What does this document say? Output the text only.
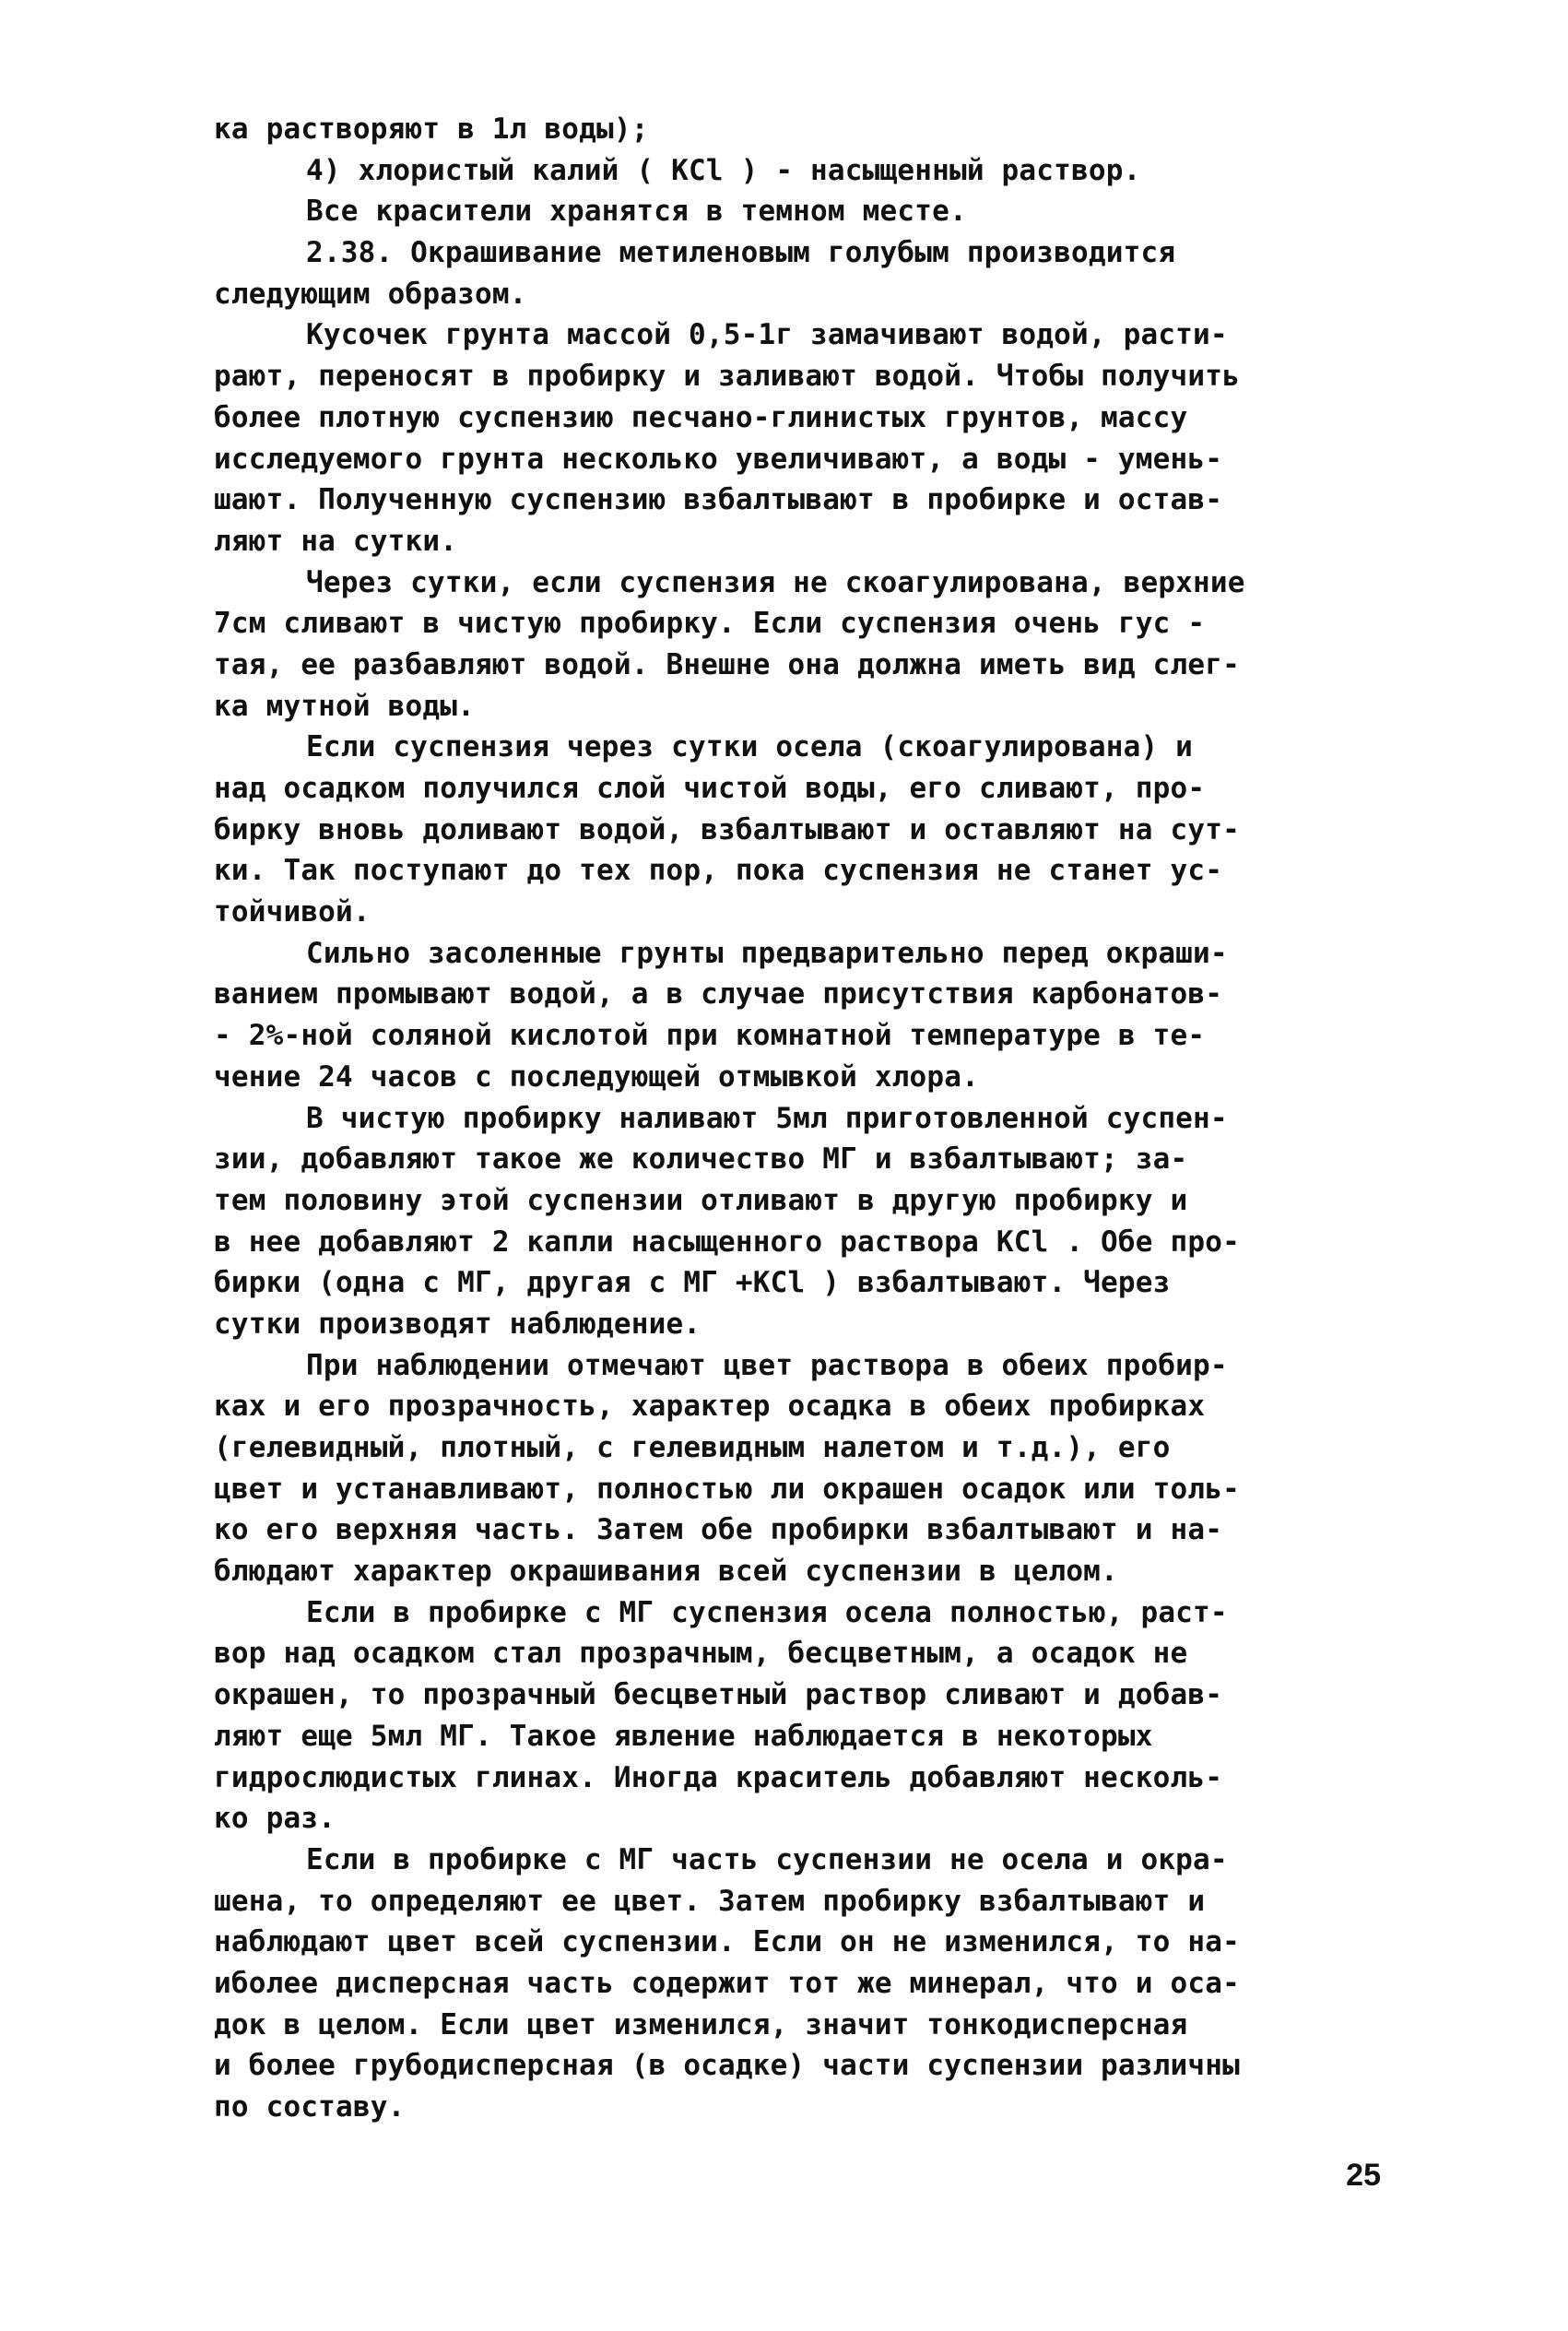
ка растворяют в 1л воды);
4) хлористый калий ( KCl ) - насыщенный раствор.
Все красители хранятся в темном месте.
2.38. Окрашивание метиленовым голубым производится
следующим образом.
Кусочек грунта массой 0,5-1г замачивают водой, расти-
рают, переносят в пробирку и заливают водой. Чтобы получить
более плотную суспензию песчано-глинистых грунтов, массу
исследуемого грунта несколько увеличивают, а воды - умень-
шают. Полученную суспензию взбалтывают в пробирке и остав-
ляют на сутки.
Через сутки, если суспензия не скоагулирована, верхние
7см сливают в чистую пробирку. Если суспензия очень гус -
тая, ее разбавляют водой. Внешне она должна иметь вид слег-
ка мутной воды.
Если суспензия через сутки осела (скоагулирована) и
над осадком получился слой чистой воды, его сливают, про-
бирку вновь доливают водой, взбалтывают и оставляют на сут-
ки. Так поступают до тех пор, пока суспензия не станет ус-
тойчивой.
Сильно засоленные грунты предварительно перед окраши-
ванием промывают водой, а в случае присутствия карбонатов-
- 2%-ной соляной кислотой при комнатной температуре в те-
чение 24 часов с последующей отмывкой хлора.
В чистую пробирку наливают 5мл приготовленной суспен-
зии, добавляют такое же количество МГ и взбалтывают; за-
тем половину этой суспензии отливают в другую пробирку и
в нее добавляют 2 капли насыщенного раствора KCl . Обе про-
бирки (одна с МГ, другая с МГ +KCl ) взбалтывают. Через
сутки производят наблюдение.
При наблюдении отмечают цвет раствора в обеих пробир-
ках и его прозрачность, характер осадка в обеих пробирках
(гелевидный, плотный, с гелевидным налетом и т.д.), его
цвет и устанавливают, полностью ли окрашен осадок или толь-
ко его верхняя часть. Затем обе пробирки взбалтывают и на-
блюдают характер окрашивания всей суспензии в целом.
Если в пробирке с МГ суспензия осела полностью, раст-
вор над осадком стал прозрачным, бесцветным, а осадок не
окрашен, то прозрачный бесцветный раствор сливают и добав-
ляют еще 5мл МГ. Такое явление наблюдается в некоторых
гидрослюдистых глинах. Иногда краситель добавляют несколь-
ко раз.
Если в пробирке с МГ часть суспензии не осела и окра-
шена, то определяют ее цвет. Затем пробирку взбалтывают и
наблюдают цвет всей суспензии. Если он не изменился, то на-
иболее дисперсная часть содержит тот же минерал, что и оса-
док в целом. Если цвет изменился, значит тонкодисперсная
и более грубодисперсная (в осадке) части суспензии различны
по составу.
25
